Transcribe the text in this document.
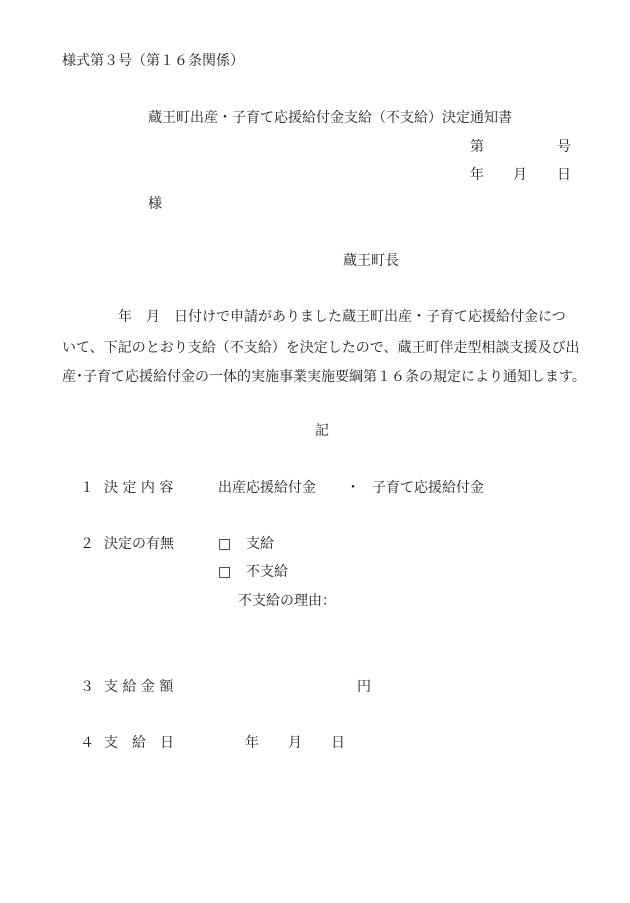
様式第３号（第１６条関係）
蔵王町出産・子育て応援給付金支給（不支給）決定通知書
第	号
年 月 日
様
蔵王町長
年　月　日付けで申請がありました蔵王町出産・子育て応援給付金につ
いて、下記のとおり支給（不支給）を決定したので、蔵王町伴走型相談支援及び出
産･子育て応援給付金の一体的実施事業実施要綱第１６条の規定により通知します。
記
１ 決 定 内 容	出産応援給付金 ・ 子育て応援給付金
２ 決定の有無	□ 支給
□ 不支給
不支給の理由：
３ 支 給 金 額	円
４ 支　給　日	年 月 日
